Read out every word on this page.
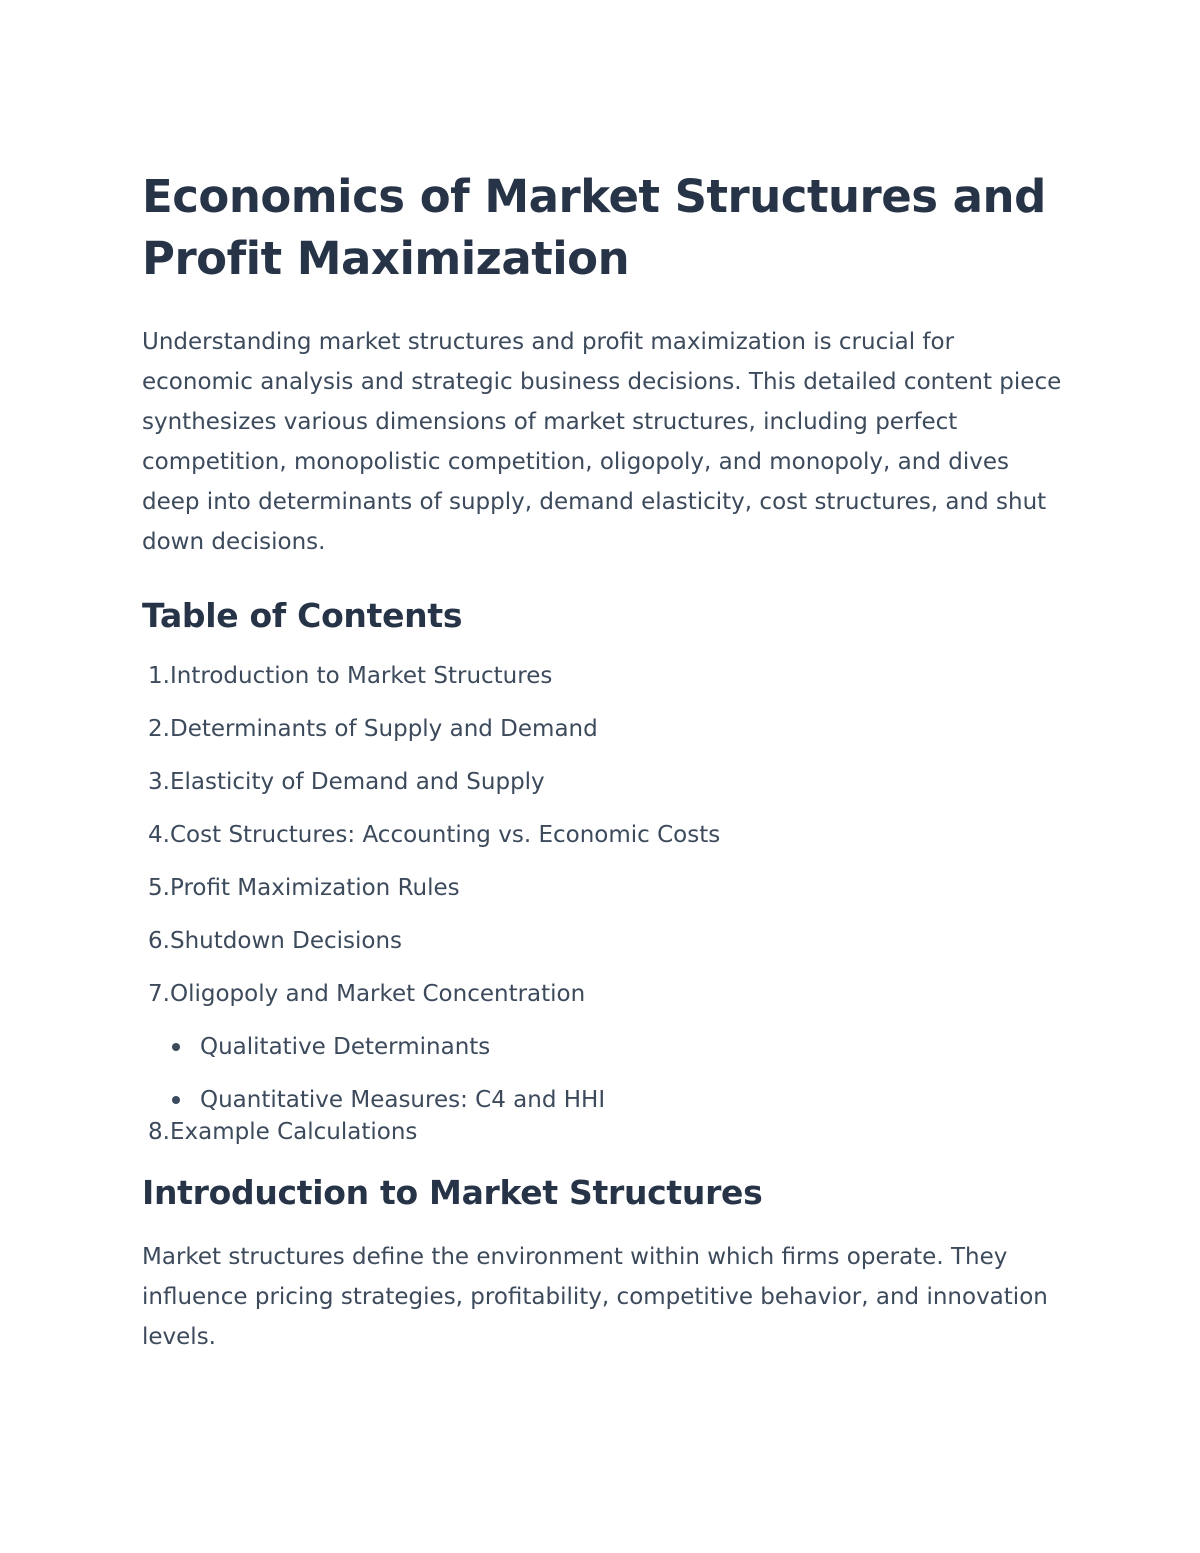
Economics of Market Structures and Profit Maximization

Understanding market structures and profit maximization is crucial for economic analysis and strategic business decisions. This detailed content piece synthesizes various dimensions of market structures, including perfect competition, monopolistic competition, oligopoly, and monopoly, and dives deep into determinants of supply, demand elasticity, cost structures, and shut down decisions.

Table of Contents
1. Introduction to Market Structures
2. Determinants of Supply and Demand
3. Elasticity of Demand and Supply
4. Cost Structures: Accounting vs. Economic Costs
5. Profit Maximization Rules
6. Shutdown Decisions
7. Oligopoly and Market Concentration
Qualitative Determinants
Quantitative Measures: C4 and HHI
8. Example Calculations
Introduction to Market Structures

Market structures define the environment within which firms operate. They influence pricing strategies, profitability, competitive behavior, and innovation levels.
